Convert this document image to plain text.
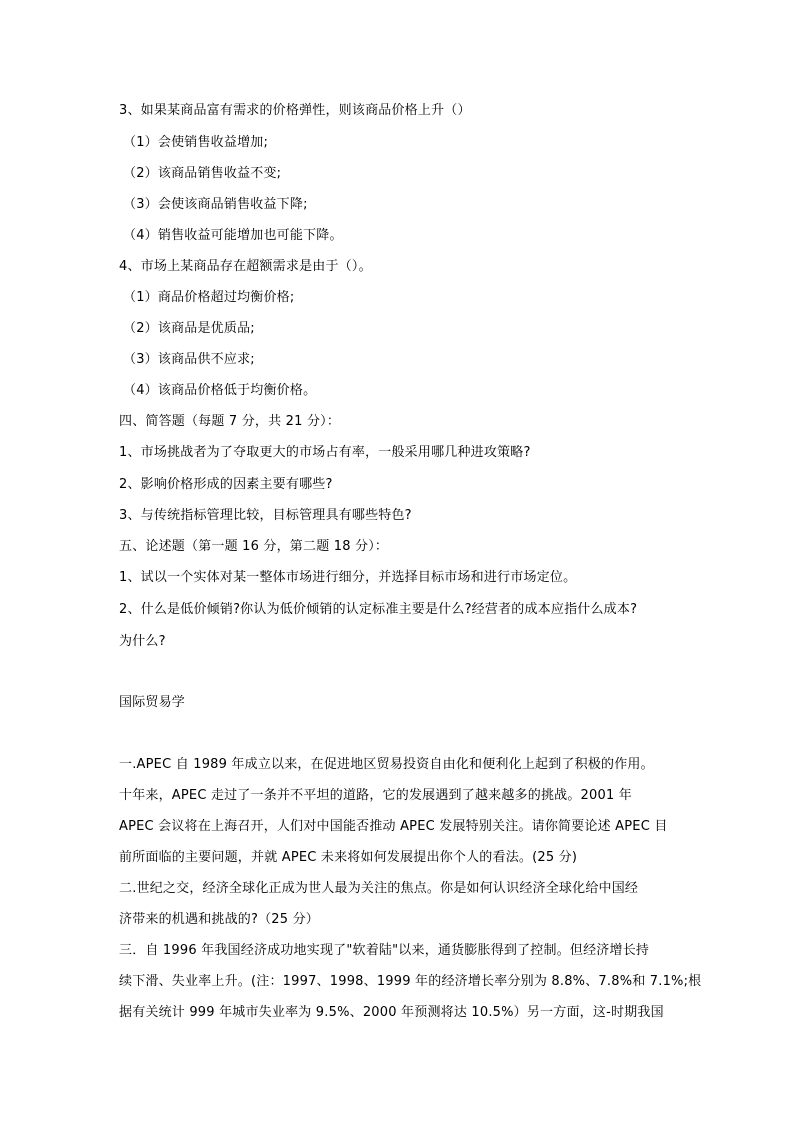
3、如果某商品富有需求的价格弹性，则该商品价格上升（）
（1）会使销售收益增加;
（2）该商品销售收益不变;
（3）会使该商品销售收益下降;
（4）销售收益可能增加也可能下降。
4、市场上某商品存在超额需求是由于（）。
（1）商品价格超过均衡价格;
（2）该商品是优质品;
（3）该商品供不应求;
（4）该商品价格低于均衡价格。
四、简答题（每题 7 分，共 21 分）：
1、市场挑战者为了夺取更大的市场占有率，一般采用哪几种进攻策略?
2、影响价格形成的因素主要有哪些?
3、与传统指标管理比较，目标管理具有哪些特色?
五、论述题（第一题 16 分，第二题 18 分）：
1、试以一个实体对某一整体市场进行细分，并选择目标市场和进行市场定位。
2、什么是低价倾销?你认为低价倾销的认定标准主要是什么?经营者的成本应指什么成本?
为什么?
国际贸易学
一.APEC 自 1989 年成立以来，在促进地区贸易投资自由化和便利化上起到了积极的作用。
十年来，APEC 走过了一条并不平坦的道路，它的发展遇到了越来越多的挑战。2001 年
APEC 会议将在上海召开，人们对中国能否推动 APEC 发展特别关注。请你简要论述 APEC 目
前所面临的主要问题，并就 APEC 未来将如何发展提出你个人的看法。(25 分)
二.世纪之交，经济全球化正成为世人最为关注的焦点。你是如何认识经济全球化给中国经
济带来的机遇和挑战的?（25 分）
三．自 1996 年我国经济成功地实现了"软着陆"以来，通货膨胀得到了控制。但经济增长持
续下滑、失业率上升。(注：1997、1998、1999 年的经济增长率分别为 8.8%、7.8%和 7.1%;根
据有关统计 999 年城市失业率为 9.5%、2000 年预测将达 10.5%）另一方面，这-时期我国
